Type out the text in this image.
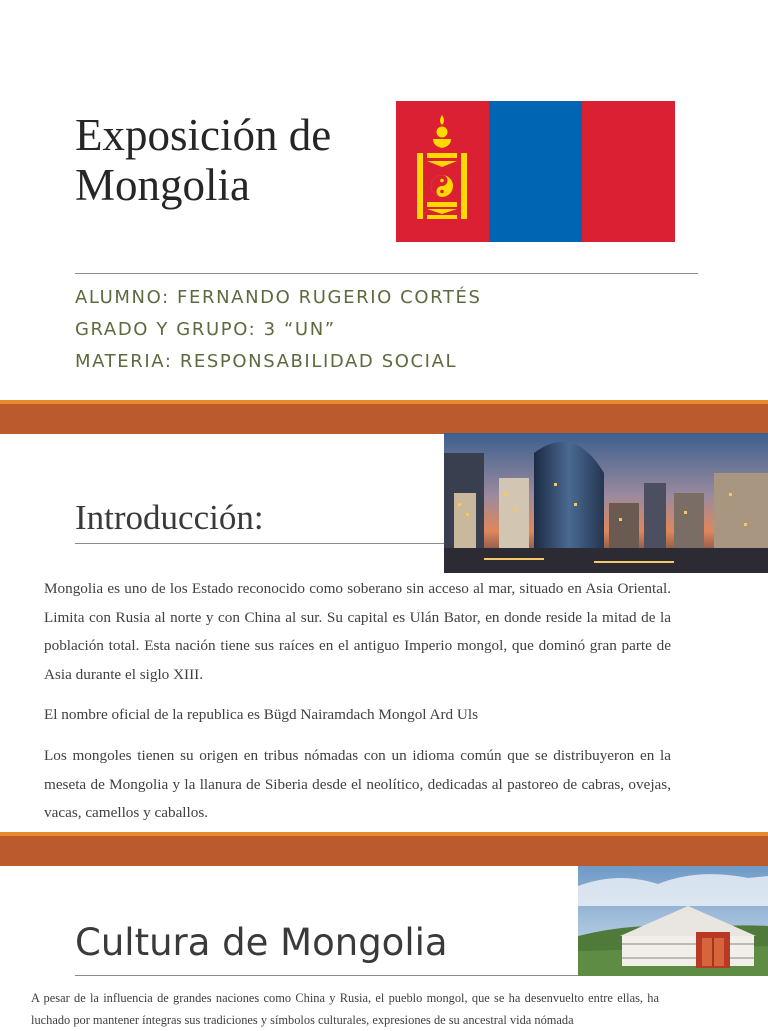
Exposición de Mongolia
ALUMNO: FERNANDO RUGERIO CORTÉS
GRADO Y GRUPO: 3 “UN”
MATERIA: RESPONSABILIDAD SOCIAL
Introducción:
Mongolia es uno de los Estado reconocido como soberano sin acceso al mar, situado en Asia Oriental. Limita con Rusia al norte y con China al sur. Su capital es Ulán Bator, en donde reside la mitad de la población total. Esta nación tiene sus raíces en el antiguo Imperio mongol, que dominó gran parte de Asia durante el siglo XIII.
El nombre oficial de la republica es Bügd Nairamdach Mongol Ard Uls
Los mongoles tienen su origen en tribus nómadas con un idioma común que se distribuyeron en la meseta de Mongolia y la llanura de Siberia desde el neolítico, dedicadas al pastoreo de cabras, ovejas, vacas, camellos y caballos.
Cultura de Mongolia
A pesar de la influencia de grandes naciones como China y Rusia, el pueblo mongol, que se ha desenvuelto entre ellas, ha luchado por mantener íntegras sus tradiciones y símbolos culturales, expresiones de su ancestral vida nómada
